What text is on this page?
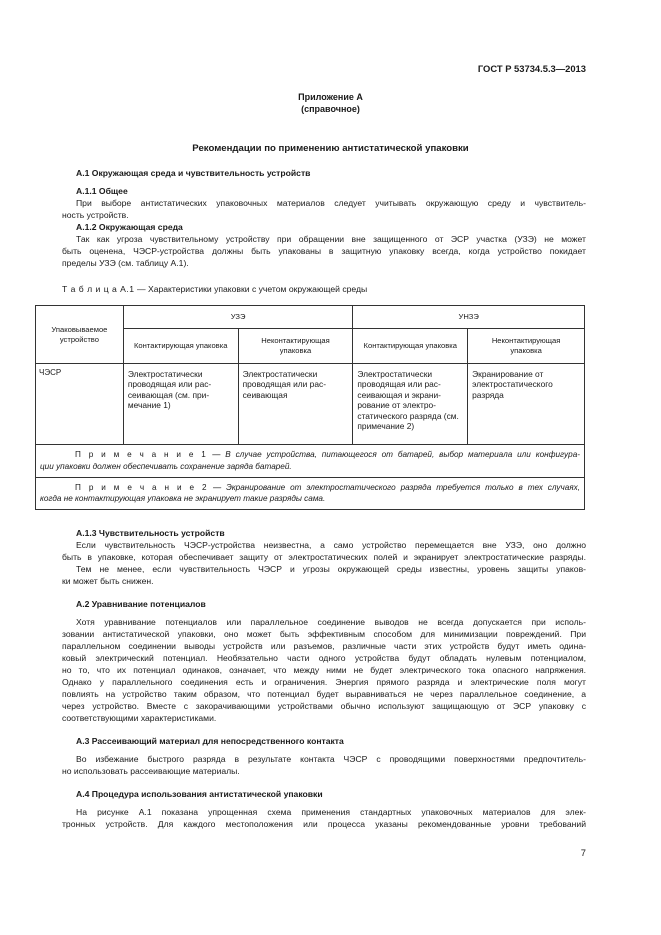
ГОСТ Р 53734.5.3—2013
Приложение А
(справочное)
Рекомендации по применению антистатической упаковки
А.1 Окружающая среда и чувствительность устройств
А.1.1 Общее
При выборе антистатических упаковочных материалов следует учитывать окружающую среду и чувствитель-
ность устройств.
А.1.2 Окружающая среда
Так как угроза чувствительному устройству при обращении вне защищенного от ЭСР участка (УЗЭ) не может
быть оценена, ЧЭСР-устройства должны быть упакованы в защитную упаковку всегда, когда устройство покидает
пределы УЗЭ (см. таблицу А.1).
Т а б л и ц а А.1 — Характеристики упаковки с учетом окружающей среды
Упаковываемое устройство	УЗЭ		УНЗЭ	
	Контактирующая упаковка	Неконтактирующая упаковка	Контактирующая упаковка	Неконтактирующая упаковка
ЧЭСР	Электростатически проводящая или рассеивающая (см. примечание 1)	Электростатически проводящая или рассеивающая	Электростатически проводящая или рассеивающая и экранирование от электростатического разряда (см. примечание 2)	Экранирование от электростатического разряда

П р и м е ч а н и е 1 — В случае устройства, питающегося от батарей, выбор материала или конфигура-
ции упаковки должен обеспечивать сохранение заряда батарей.
П р и м е ч а н и е 2 — Экранирование от электростатического разряда требуется только в тех случаях,
когда не контактирующая упаковка не экранирует такие разряды сама.				
А.1.3 Чувствительность устройств
Если чувствительность ЧЭСР-устройства неизвестна, а само устройство перемещается вне УЗЭ, оно должно
быть в упаковке, которая обеспечивает защиту от электростатических полей и экранирует электростатические разряды.
Тем не менее, если чувствительность ЧЭСР и угрозы окружающей среды известны, уровень защиты упаков-
ки может быть снижен.
А.2 Уравнивание потенциалов
Хотя уравнивание потенциалов или параллельное соединение выводов не всегда допускается при исполь-
зовании антистатической упаковки, оно может быть эффективным способом для минимизации повреждений. При
параллельном соединении выводы устройств или разъемов, различные части этих устройств будут иметь одина-
ковый электрический потенциал. Необязательно части одного устройства будут обладать нулевым потенциалом,
но то, что их потенциал одинаков, означает, что между ними не будет электрического тока опасного напряжения.
Однако у параллельного соединения есть и ограничения. Энергия прямого разряда и электрические поля могут
повлиять на устройство таким образом, что потенциал будет выравниваться не через параллельное соединение, а
через устройство. Вместе с закорачивающими устройствами обычно используют защищающую от ЭСР упаковку с
соответствующими характеристиками.
А.3 Рассеивающий материал для непосредственного контакта
Во избежание быстрого разряда в результате контакта ЧЭСР с проводящими поверхностями предпочтитель-
но использовать рассеивающие материалы.
А.4 Процедура использования антистатической упаковки
На рисунке А.1 показана упрощенная схема применения стандартных упаковочных материалов для элек-
тронных устройств. Для каждого местоположения или процесса указаны рекомендованные уровни требований
7
